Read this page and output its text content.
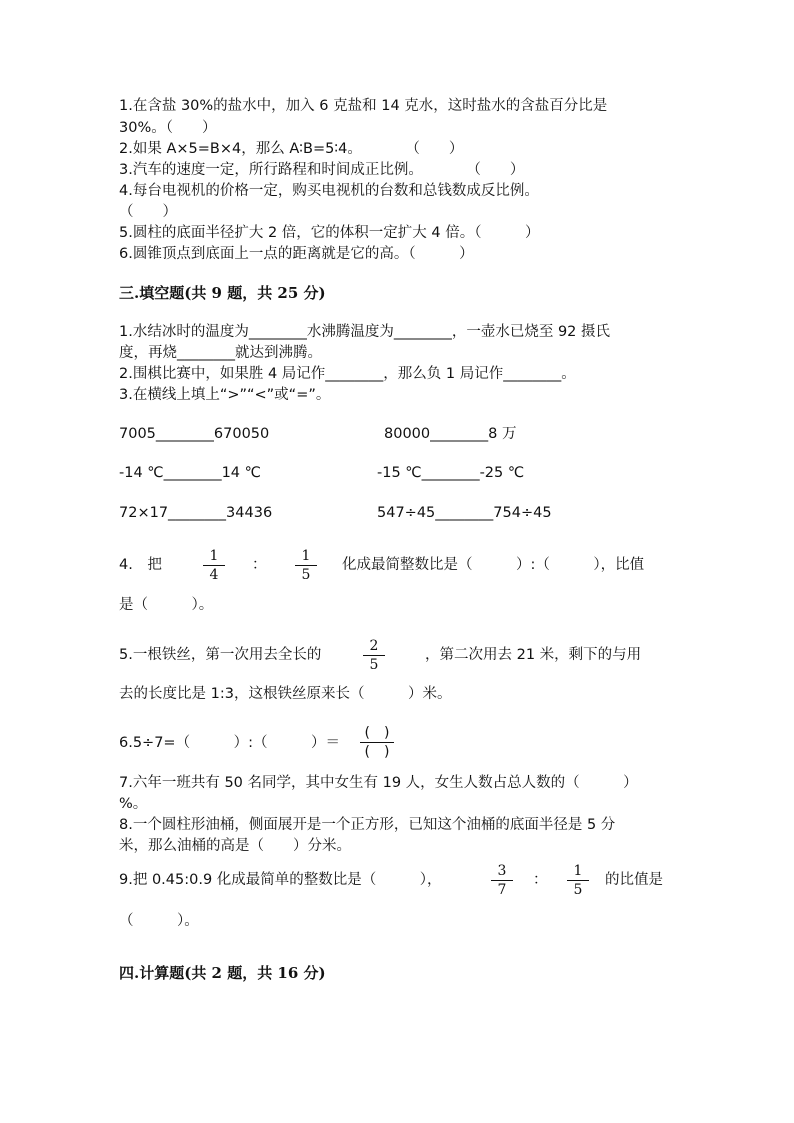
1.在含盐 30%的盐水中，加入 6 克盐和 14 克水，这时盐水的含盐百分比是
30%。（　　）
2.如果 A×5=B×4，那么 A∶B=5∶4。　　　　（　　）
3.汽车的速度一定，所行路程和时间成正比例。　　　　（　　）
4.每台电视机的价格一定，购买电视机的台数和总钱数成反比例。
（　　）
5.圆柱的底面半径扩大 2 倍，它的体积一定扩大 4 倍。（　　　）
6.圆锥顶点到底面上一点的距离就是它的高。（　　　）
三.填空题(共 9 题，共 25 分)
1.水结冰时的温度为________水沸腾温度为________，一壶水已烧至 92 摄氏
度，再烧________就达到沸腾。
2.围棋比赛中，如果胜 4 局记作________，那么负 1 局记作________。
3.在横线上填上“>”“<”或“=”。
7005________670050	80000________8 万
-14 ℃________14 ℃	-15 ℃________-25 ℃
72×17________34436	547÷45________754÷45
4.　把	$\frac{1}{4}$ ： $\frac{1}{5}$ 化成最简整数比是（　　　）:（　　　），比值
是（　　　）。
5.一根铁丝，第一次用去全长的	$\frac{2}{5}$	，第二次用去 21 米，剩下的与用
去的长度比是 1:3，这根铁丝原来长（　　　）米。
6.5÷7=（　　　）:（　　　）＝
(　)
(　)
7.六年一班共有 50 名同学，其中女生有 19 人，女生人数占总人数的（　　　）
%。
8.一个圆柱形油桶，侧面展开是一个正方形，已知这个油桶的底面半径是 5 分
米，那么油桶的高是（　　）分米。
9.把 0.45:0.9 化成最简单的整数比是（　　　），	$\frac{3}{7}$ ： $\frac{1}{5}$ 的比值是
（　　　）。
四.计算题(共 2 题，共 16 分)
